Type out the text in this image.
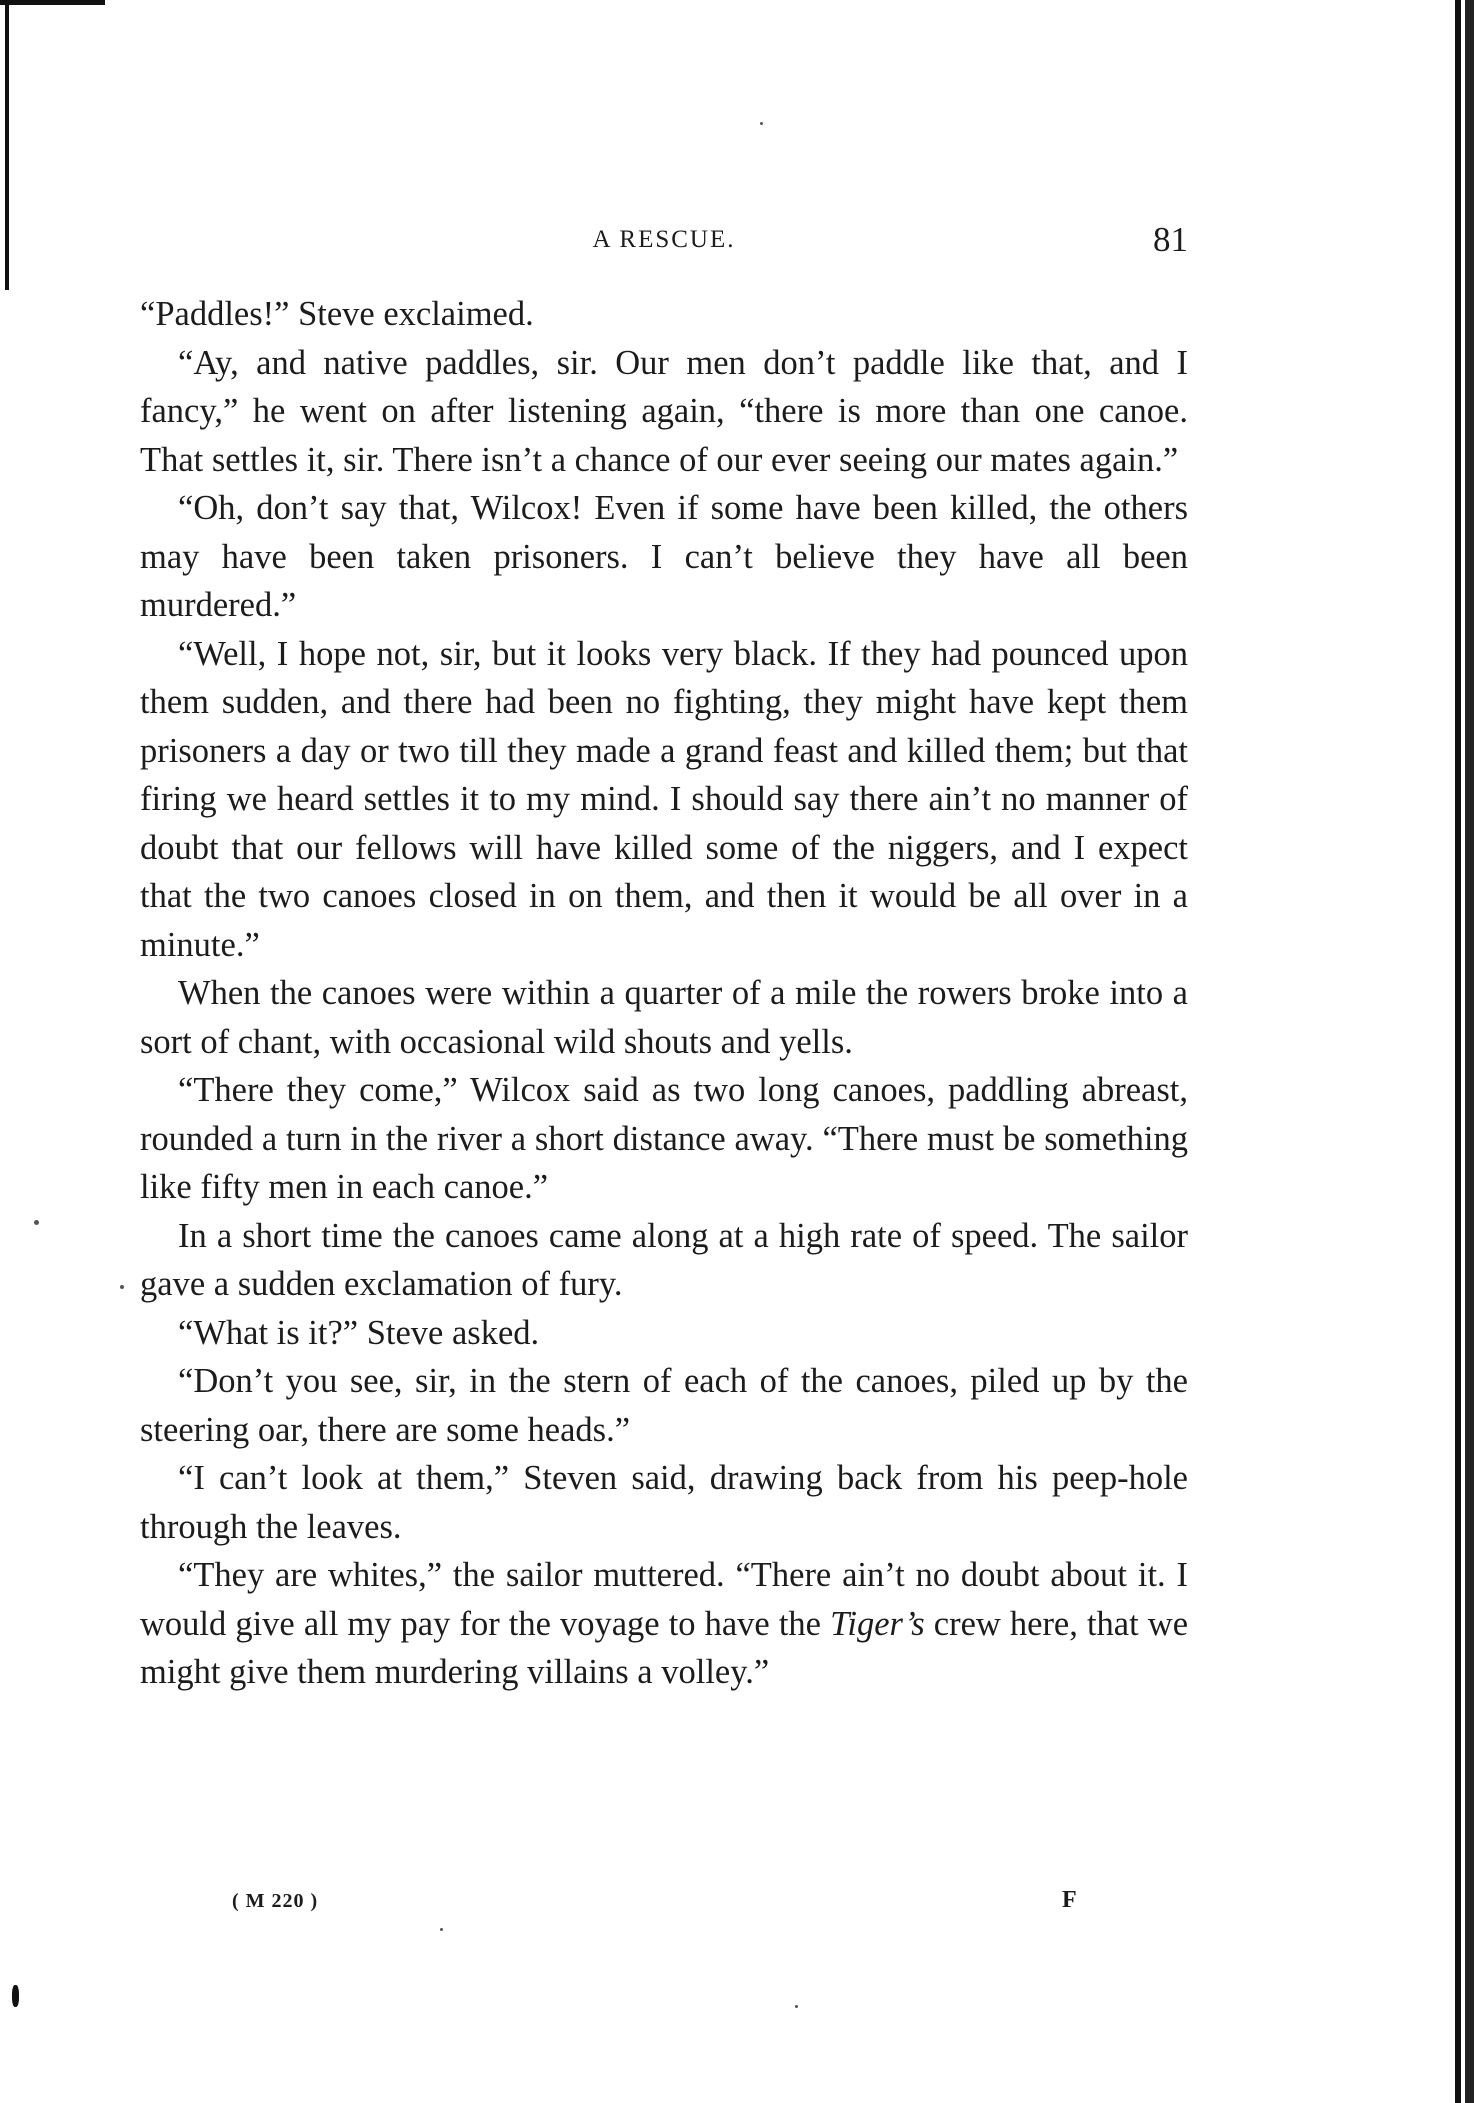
A RESCUE.	81

“Paddles!” Steve exclaimed.

“Ay, and native paddles, sir. Our men don’t paddle like that, and I fancy,” he went on after listening again, “there is more than one canoe. That settles it, sir. There isn’t a chance of our ever seeing our mates again.”

“Oh, don’t say that, Wilcox! Even if some have been killed, the others may have been taken prisoners. I can’t believe they have all been murdered.”

“Well, I hope not, sir, but it looks very black. If they had pounced upon them sudden, and there had been no fighting, they might have kept them prisoners a day or two till they made a grand feast and killed them; but that firing we heard settles it to my mind. I should say there ain’t no manner of doubt that our fellows will have killed some of the niggers, and I expect that the two canoes closed in on them, and then it would be all over in a minute.”

When the canoes were within a quarter of a mile the rowers broke into a sort of chant, with occasional wild shouts and yells.

“There they come,” Wilcox said as two long canoes, paddling abreast, rounded a turn in the river a short distance away. “There must be something like fifty men in each canoe.”

In a short time the canoes came along at a high rate of speed. The sailor gave a sudden exclamation of fury.

“What is it?” Steve asked.

“Don’t you see, sir, in the stern of each of the canoes, piled up by the steering oar, there are some heads.”

“I can’t look at them,” Steven said, drawing back from his peep-hole through the leaves.

“They are whites,” the sailor muttered. “There ain’t no doubt about it. I would give all my pay for the voyage to have the Tiger’s crew here, that we might give them murdering villains a volley.”

( M 220 )	F
